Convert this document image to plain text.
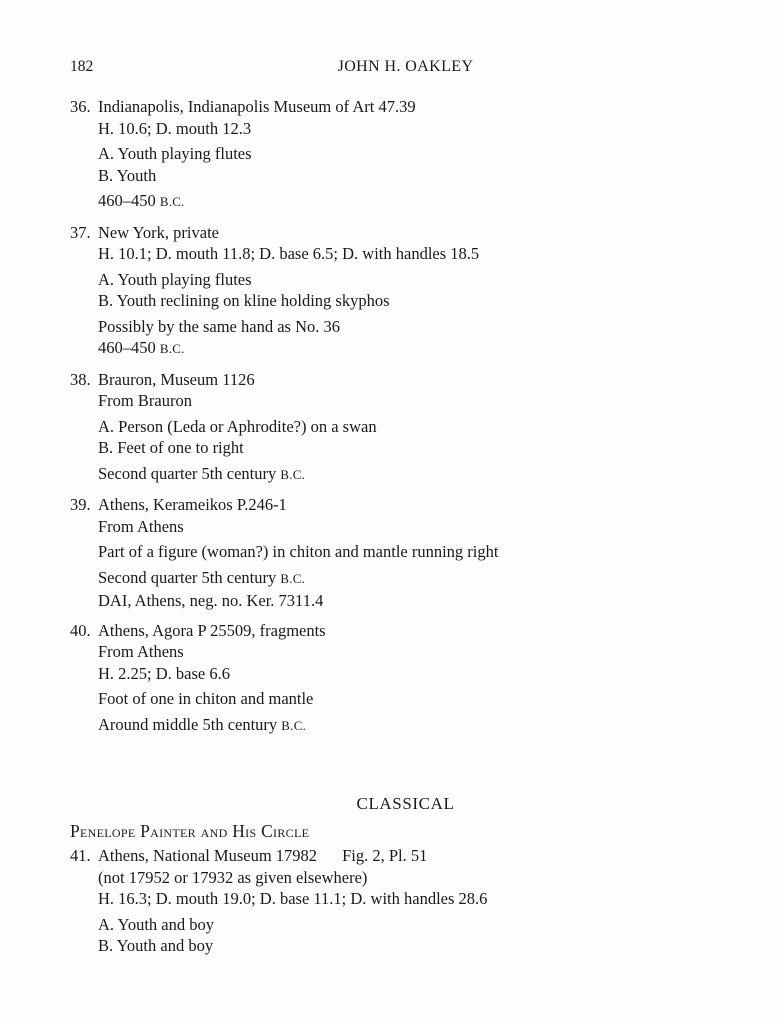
182	JOHN H. OAKLEY
36. Indianapolis, Indianapolis Museum of Art 47.39
H. 10.6; D. mouth 12.3
A. Youth playing flutes
B. Youth
460–450 B.C.
37. New York, private
H. 10.1; D. mouth 11.8; D. base 6.5; D. with handles 18.5
A. Youth playing flutes
B. Youth reclining on kline holding skyphos
Possibly by the same hand as No. 36
460–450 B.C.
38. Brauron, Museum 1126
From Brauron
A. Person (Leda or Aphrodite?) on a swan
B. Feet of one to right
Second quarter 5th century B.C.
39. Athens, Kerameikos P.246-1
From Athens
Part of a figure (woman?) in chiton and mantle running right
Second quarter 5th century B.C.
DAI, Athens, neg. no. Ker. 7311.4
40. Athens, Agora P 25509, fragments
From Athens
H. 2.25; D. base 6.6
Foot of one in chiton and mantle
Around middle 5th century B.C.
CLASSICAL
Penelope Painter and His Circle
41. Athens, National Museum 17982 Fig. 2, Pl. 51
(not 17952 or 17932 as given elsewhere)
H. 16.3; D. mouth 19.0; D. base 11.1; D. with handles 28.6
A. Youth and boy
B. Youth and boy
